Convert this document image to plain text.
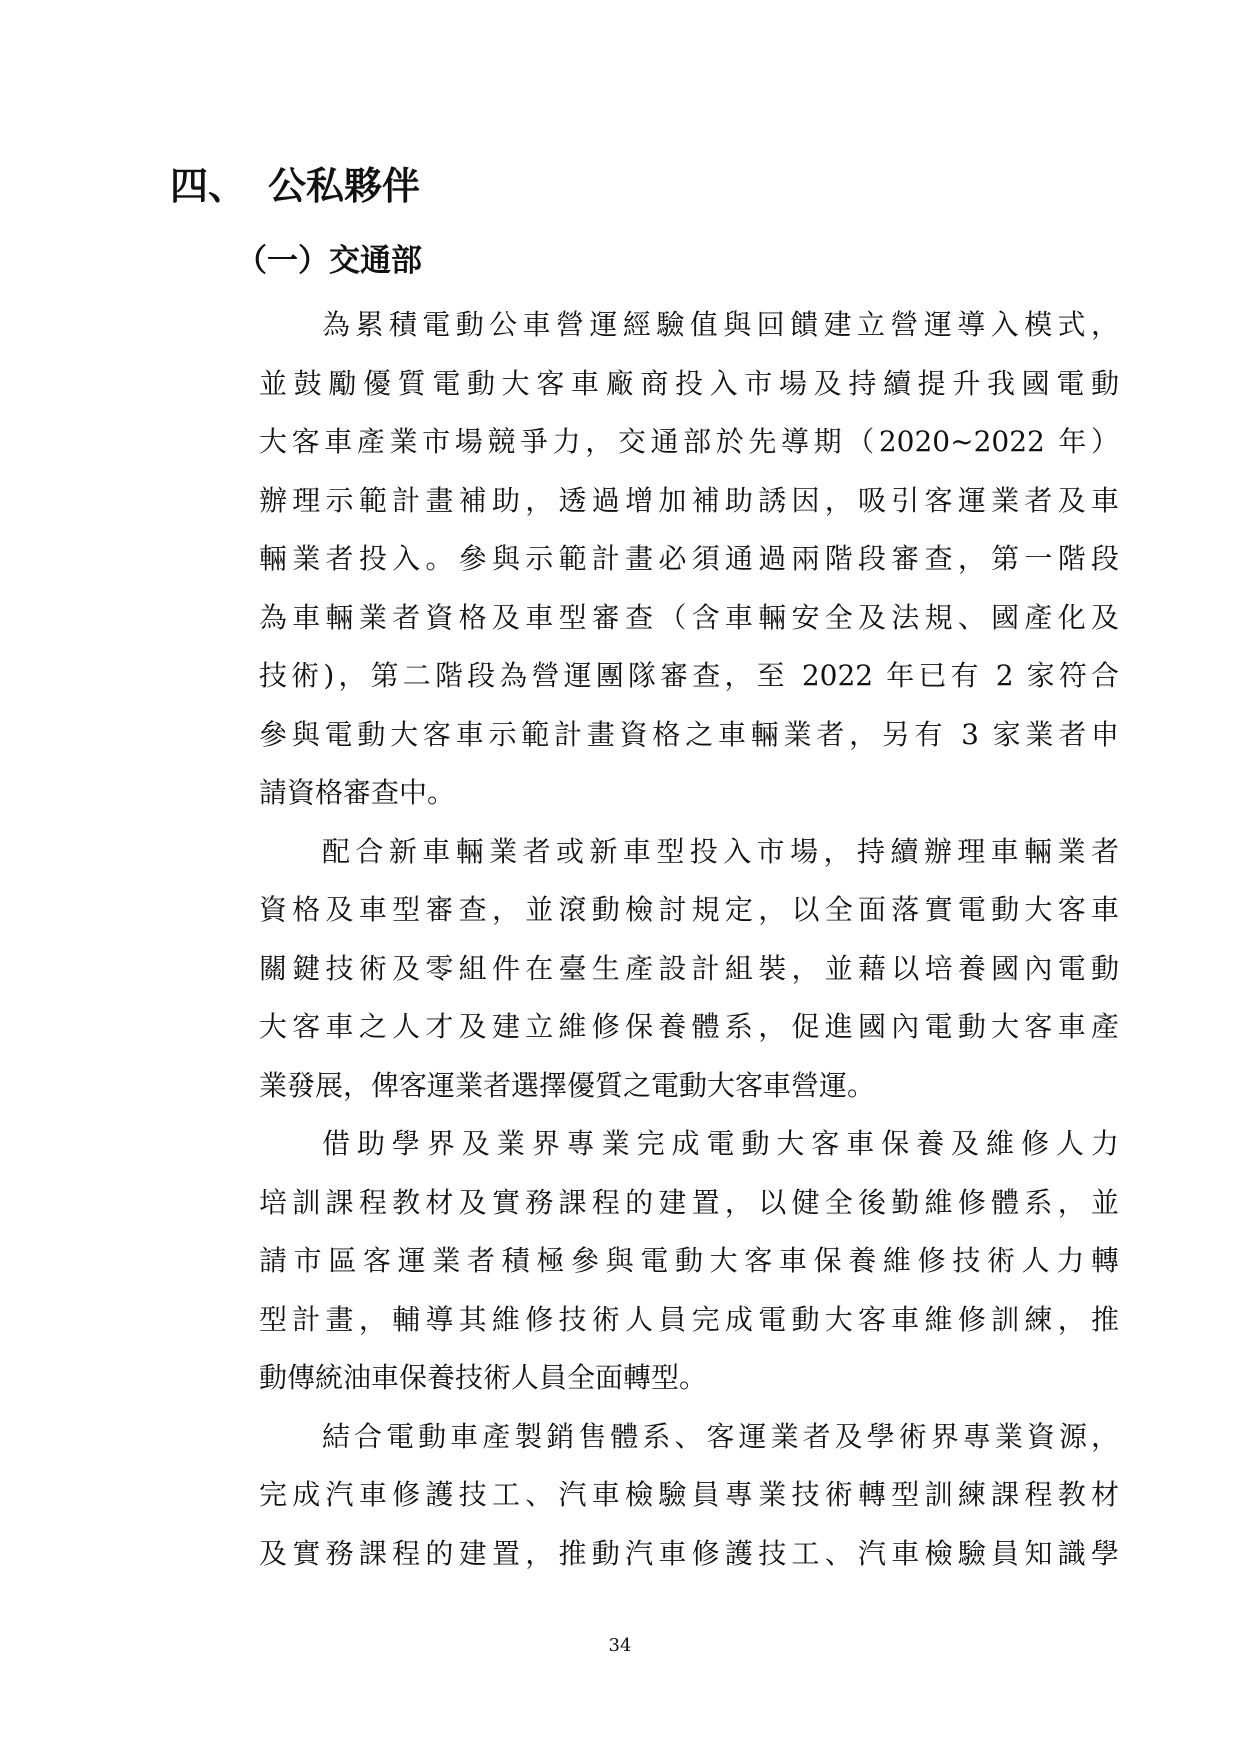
四、 公私夥伴
（一）交通部
為累積電動公車營運經驗值與回饋建立營運導入模式，
並鼓勵優質電動大客車廠商投入市場及持續提升我國電動
大客車產業市場競爭力，交通部於先導期（2020~2022 年）
辦理示範計畫補助，透過增加補助誘因，吸引客運業者及車
輛業者投入。參與示範計畫必須通過兩階段審查，第一階段
為車輛業者資格及車型審查（含車輛安全及法規、國產化及
技術)，第二階段為營運團隊審查，至 2022 年已有 2 家符合
參與電動大客車示範計畫資格之車輛業者，另有 3 家業者申
請資格審查中。
配合新車輛業者或新車型投入市場，持續辦理車輛業者
資格及車型審查，並滾動檢討規定，以全面落實電動大客車
關鍵技術及零組件在臺生產設計組裝，並藉以培養國內電動
大客車之人才及建立維修保養體系，促進國內電動大客車產
業發展，俾客運業者選擇優質之電動大客車營運。
借助學界及業界專業完成電動大客車保養及維修人力
培訓課程教材及實務課程的建置，以健全後勤維修體系，並
請市區客運業者積極參與電動大客車保養維修技術人力轉
型計畫，輔導其維修技術人員完成電動大客車維修訓練，推
動傳統油車保養技術人員全面轉型。
結合電動車產製銷售體系、客運業者及學術界專業資源，
完成汽車修護技工、汽車檢驗員專業技術轉型訓練課程教材
及實務課程的建置，推動汽車修護技工、汽車檢驗員知識學
34
